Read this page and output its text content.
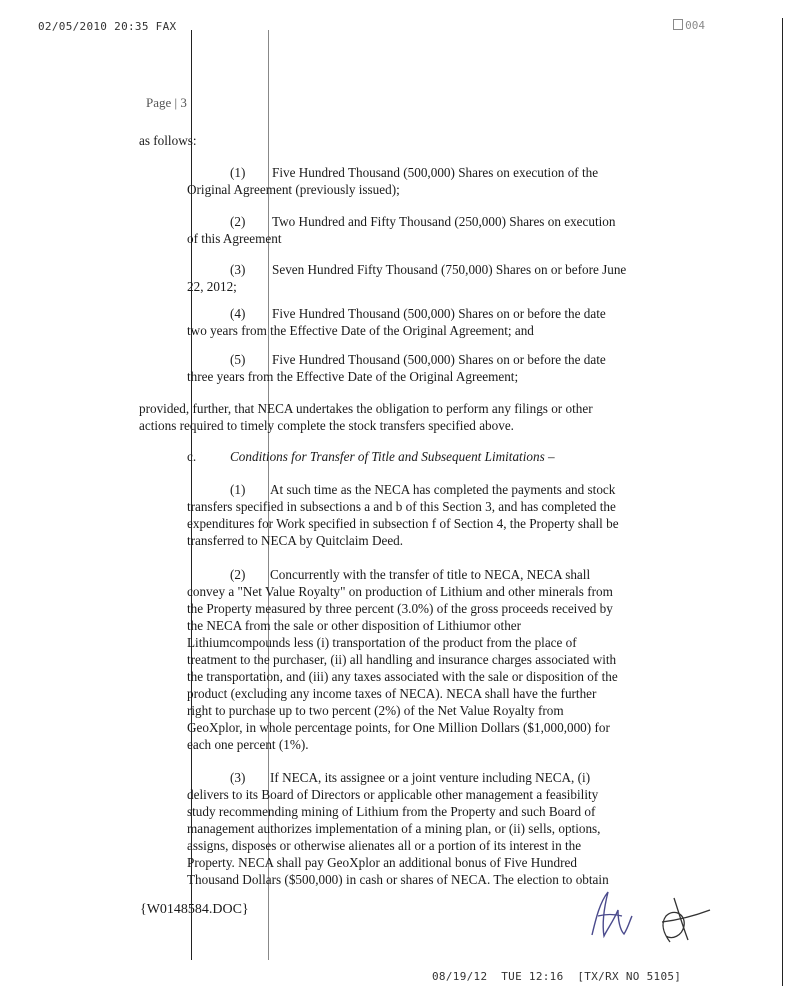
02/05/2010 20:35 FAX	004
Page | 3
as follows:
(1) Five Hundred Thousand (500,000) Shares on execution of the
Original Agreement (previously issued);
(2) Two Hundred and Fifty Thousand (250,000) Shares on execution
of this Agreement
(3) Seven Hundred Fifty Thousand (750,000) Shares on or before June
22, 2012;
(4) Five Hundred Thousand (500,000) Shares on or before the date
two years from the Effective Date of the Original Agreement; and
(5) Five Hundred Thousand (500,000) Shares on or before the date
three years from the Effective Date of the Original Agreement;
provided, further, that NECA undertakes the obligation to perform any filings or other
actions required to timely complete the stock transfers specified above.
c.	Conditions for Transfer of Title and Subsequent Limitations –
(1) At such time as the NECA has completed the payments and stock
transfers specified in subsections a and b of this Section 3, and has completed the
expenditures for Work specified in subsection f of Section 4, the Property shall be
transferred to NECA by Quitclaim Deed.
(2) Concurrently with the transfer of title to NECA, NECA shall
convey a "Net Value Royalty" on production of Lithium and other minerals from
the Property measured by three percent (3.0%) of the gross proceeds received by
the NECA from the sale or other disposition of Lithiumor other
Lithiumcompounds less (i) transportation of the product from the place of
treatment to the purchaser, (ii) all handling and insurance charges associated with
the transportation, and (iii) any taxes associated with the sale or disposition of the
product (excluding any income taxes of NECA). NECA shall have the further
right to purchase up to two percent (2%) of the Net Value Royalty from
GeoXplor, in whole percentage points, for One Million Dollars ($1,000,000) for
each one percent (1%).
(3) If NECA, its assignee or a joint venture including NECA, (i)
delivers to its Board of Directors or applicable other management a feasibility
study recommending mining of Lithium from the Property and such Board of
management authorizes implementation of a mining plan, or (ii) sells, options,
assigns, disposes or otherwise alienates all or a portion of its interest in the
Property. NECA shall pay GeoXplor an additional bonus of Five Hundred
Thousand Dollars ($500,000) in cash or shares of NECA. The election to obtain
{W0148584.DOC}
08/19/12  TUE 12:16  [TX/RX NO 5105]
